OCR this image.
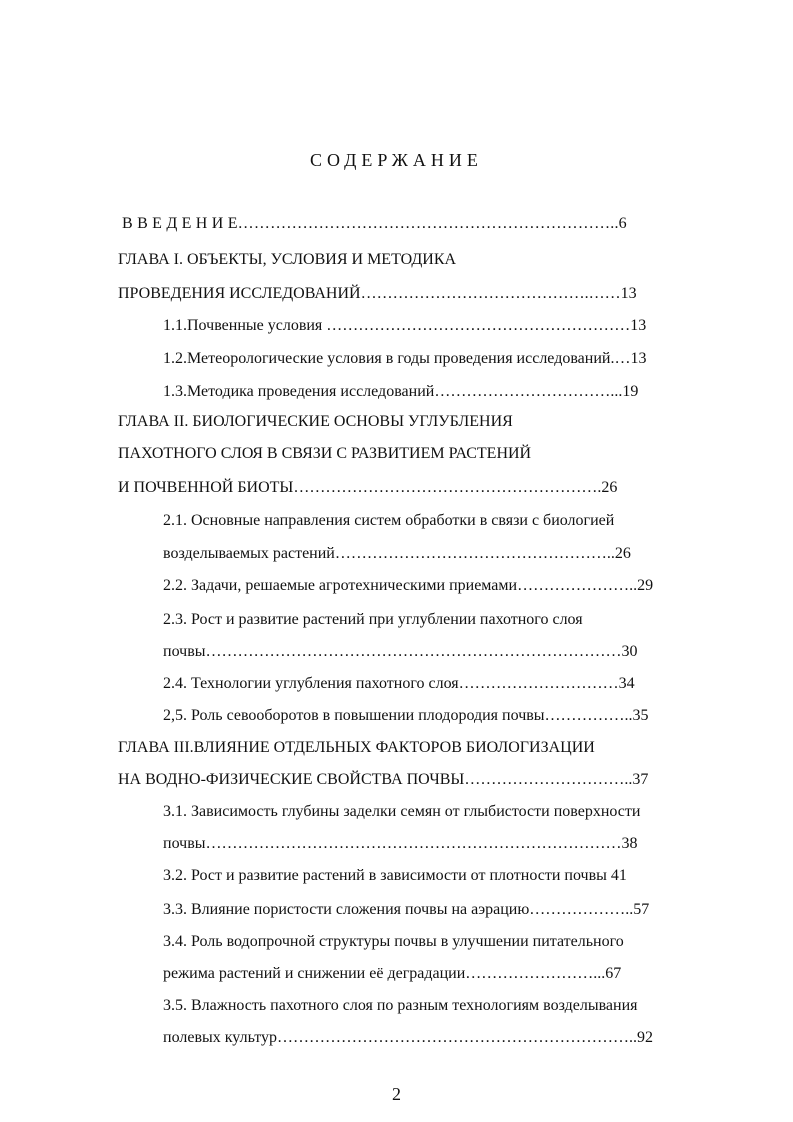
СОДЕРЖАНИЕ
В В Е Д Е Н И Е……………………………………………………………..6
ГЛАВА I. ОБЪЕКТЫ, УСЛОВИЯ И МЕТОДИКА
ПРОВЕДЕНИЯ ИССЛЕДОВАНИЙ…………………………………….……13
1.1.Почвенные условия …………………………………………………13
1.2.Метеорологические условия в годы проведения исследований.…13
1.3.Методика проведения исследований……………………………...19
ГЛАВА II. БИОЛОГИЧЕСКИЕ ОСНОВЫ УГЛУБЛЕНИЯ
ПАХОТНОГО СЛОЯ В СВЯЗИ С РАЗВИТИЕМ РАСТЕНИЙ
И ПОЧВЕННОЙ БИОТЫ………………………………………………….26
2.1. Основные направления систем обработки в связи с биологией
возделываемых растений……………………………………………..26
2.2. Задачи, решаемые агротехническими приемами…………………..29
2.3. Рост и развитие растений при углублении пахотного слоя
почвы……………………………………………………………………30
2.4. Технологии углубления пахотного слоя…………………………34
2,5. Роль севооборотов в повышении плодородия почвы……………..35
ГЛАВА III.ВЛИЯНИЕ ОТДЕЛЬНЫХ ФАКТОРОВ БИОЛОГИЗАЦИИ
НА ВОДНО-ФИЗИЧЕСКИЕ СВОЙСТВА ПОЧВЫ…………………………..37
3.1. Зависимость глубины заделки семян от глыбистости поверхности
почвы……………………………………………………………………38
3.2. Рост и развитие растений в зависимости от плотности почвы 41
3.3. Влияние пористости сложения почвы на аэрацию………………..57
3.4. Роль водопрочной структуры почвы в улучшении питательного
режима растений и снижении её деградации……………………...67
3.5. Влажность пахотного слоя по разным технологиям возделывания
полевых культур…………………………………………………………..92
2
